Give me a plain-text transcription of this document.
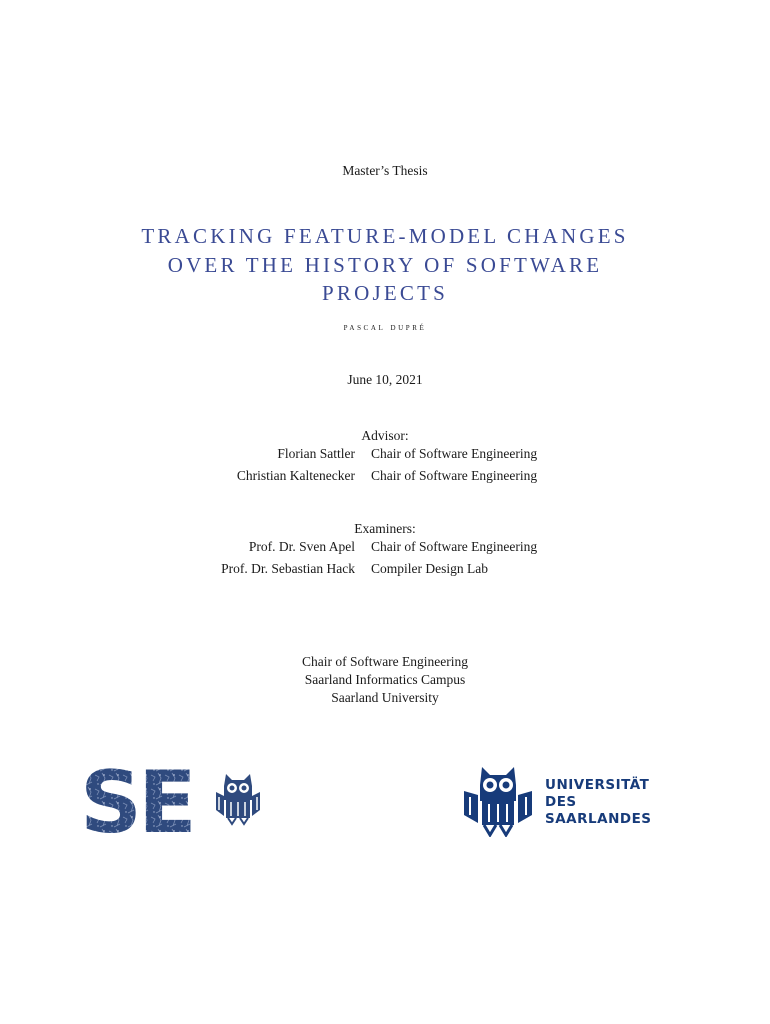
Master’s Thesis
TRACKING FEATURE-MODEL CHANGES
OVER THE HISTORY OF SOFTWARE
PROJECTS
pascal dupré
June 10, 2021
Advisor:
Florian Sattler Chair of Software Engineering
Christian Kaltenecker Chair of Software Engineering
Examiners:
Prof. Dr. Sven Apel Chair of Software Engineering
Prof. Dr. Sebastian Hack Compiler Design Lab
Chair of Software Engineering
Saarland Informatics Campus
Saarland University
SE	UNIVERSITÄT
DES
SAARLANDES
